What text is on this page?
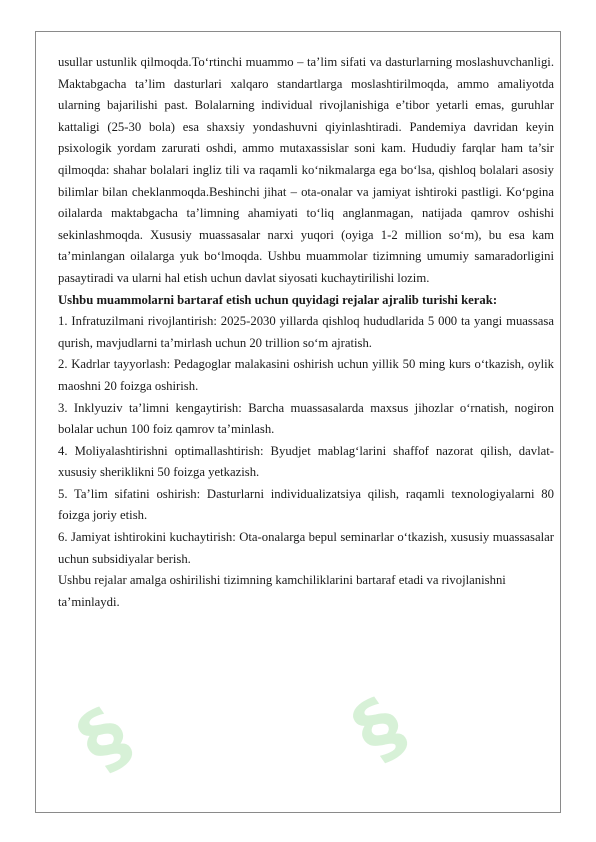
§ §

usullar ustunlik qilmoqda.To‘rtinchi muammo – ta’lim sifati va dasturlarning moslashuvchanligi. Maktabgacha ta’lim dasturlari xalqaro standartlarga moslashtirilmoqda, ammo amaliyotda ularning bajarilishi past. Bolalarning individual rivojlanishiga e’tibor yetarli emas, guruhlar kattaligi (25-30 bola) esa shaxsiy yondashuvni qiyinlashtiradi. Pandemiya davridan keyin psixologik yordam zarurati oshdi, ammo mutaxassislar soni kam. Hududiy farqlar ham ta’sir qilmoqda: shahar bolalari ingliz tili va raqamli ko‘nikmalarga ega bo‘lsa, qishloq bolalari asosiy bilimlar bilan cheklanmoqda.Beshinchi jihat – ota-onalar va jamiyat ishtiroki pastligi. Ko‘pgina oilalarda maktabgacha ta’limning ahamiyati to‘liq anglanmagan, natijada qamrov oshishi sekinlashmoqda. Xususiy muassasalar narxi yuqori (oyiga 1-2 million so‘m), bu esa kam ta’minlangan oilalarga yuk bo‘lmoqda. Ushbu muammolar tizimning umumiy samaradorligini pasaytiradi va ularni hal etish uchun davlat siyosati kuchaytirilishi lozim.

Ushbu muammolarni bartaraf etish uchun quyidagi rejalar ajralib turishi kerak:

1. Infratuzilmani rivojlantirish: 2025-2030 yillarda qishloq hududlarida 5 000 ta yangi muassasa qurish, mavjudlarni ta’mirlash uchun 20 trillion so‘m ajratish.
2. Kadrlar tayyorlash: Pedagoglar malakasini oshirish uchun yillik 50 ming kurs o‘tkazish, oylik maoshni 20 foizga oshirish.
3. Inklyuziv ta’limni kengaytirish: Barcha muassasalarda maxsus jihozlar o‘rnatish, nogiron bolalar uchun 100 foiz qamrov ta’minlash.
4. Moliyalashtirishni optimallashtirish: Byudjet mablag‘larini shaffof nazorat qilish, davlat-xususiy sheriklikni 50 foizga yetkazish.
5. Ta’lim sifatini oshirish: Dasturlarni individualizatsiya qilish, raqamli texnologiyalarni 80 foizga joriy etish.
6. Jamiyat ishtirokini kuchaytirish: Ota-onalarga bepul seminarlar o‘tkazish, xususiy muassasalar uchun subsidiyalar berish.

Ushbu rejalar amalga oshirilishi tizimning kamchiliklarini bartaraf etadi va rivojlanishni ta’minlaydi.
